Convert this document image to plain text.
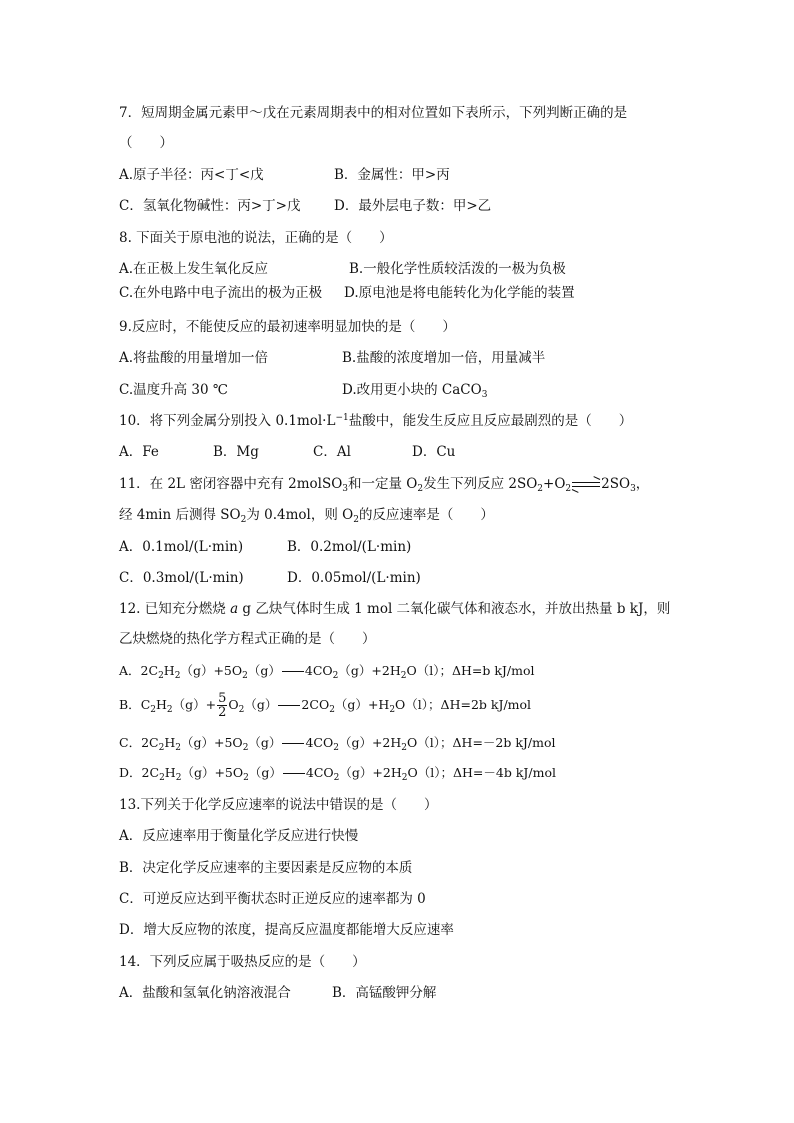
7．短周期金属元素甲～戊在元素周期表中的相对位置如下表所示，下列判断正确的是
（　　）
A.原子半径：丙<丁<戊	B．金属性：甲>丙
C．氢氧化物碱性：丙>丁>戊 D．最外层电子数：甲>乙
8. 下面关于原电池的说法，正确的是（　　）
A.在正极上发生氧化反应	B.一般化学性质较活泼的一极为负极
C.在外电路中电子流出的极为正极 D.原电池是将电能转化为化学能的装置
9.反应时，不能使反应的最初速率明显加快的是（　　）
A.将盐酸的用量增加一倍	B.盐酸的浓度增加一倍，用量减半
C.温度升高 30 ℃	D.改用更小块的 CaCO$_3$
10．将下列金属分别投入 $0.1mol\cdot L^{-1}$盐酸中，能发生反应且反应最剧烈的是（　　）
A．Fe	B．Mg	C．Al	D．Cu
11．在 2L 密闭容器中充有 2molSO$_3$和一定量 $O_2$发生下列反应 $2SO_2+O_2$ $2SO_3$，
经 4min 后测得 $SO_2$为 0.4mol，则 $O_2$的反应速率是（　　）
A．0.1mol/(L·min)	B．0.2mol/(L·min)
C．0.3mol/(L·min)	D．0.05mol/(L·min)
12. 已知充分燃烧 a g 乙炔气体时生成 1 mol 二氧化碳气体和液态水，并放出热量 b kJ，则
乙炔燃烧的热化学方程式正确的是（　　）
A．$2C_2H_2(g)+5O_2(g)$ $4CO_2(g)+2H_2O(l)$；ΔH=b kJ/mol
B．$C_2H_2(g)+ \frac{5}{2} O_2(g)$ $2CO_2(g)+H_2O(l)$；ΔH=2b kJ/mol
C．$2C_2H_2(g)+5O_2(g)$ $4CO_2(g)+2H_2O(l)$；ΔH=－2b kJ/mol
D．$2C_2H_2(g)+5O_2(g)$ $4CO_2(g)+2H_2O(l)$；ΔH=－4b kJ/mol
13.下列关于化学反应速率的说法中错误的是（　　）
A．反应速率用于衡量化学反应进行快慢
B．决定化学反应速率的主要因素是反应物的本质
C．可逆反应达到平衡状态时正逆反应的速率都为 0
D．增大反应物的浓度，提高反应温度都能增大反应速率
14．下列反应属于吸热反应的是（　　）
A．盐酸和氢氧化钠溶液混合	B．高锰酸钾分解
